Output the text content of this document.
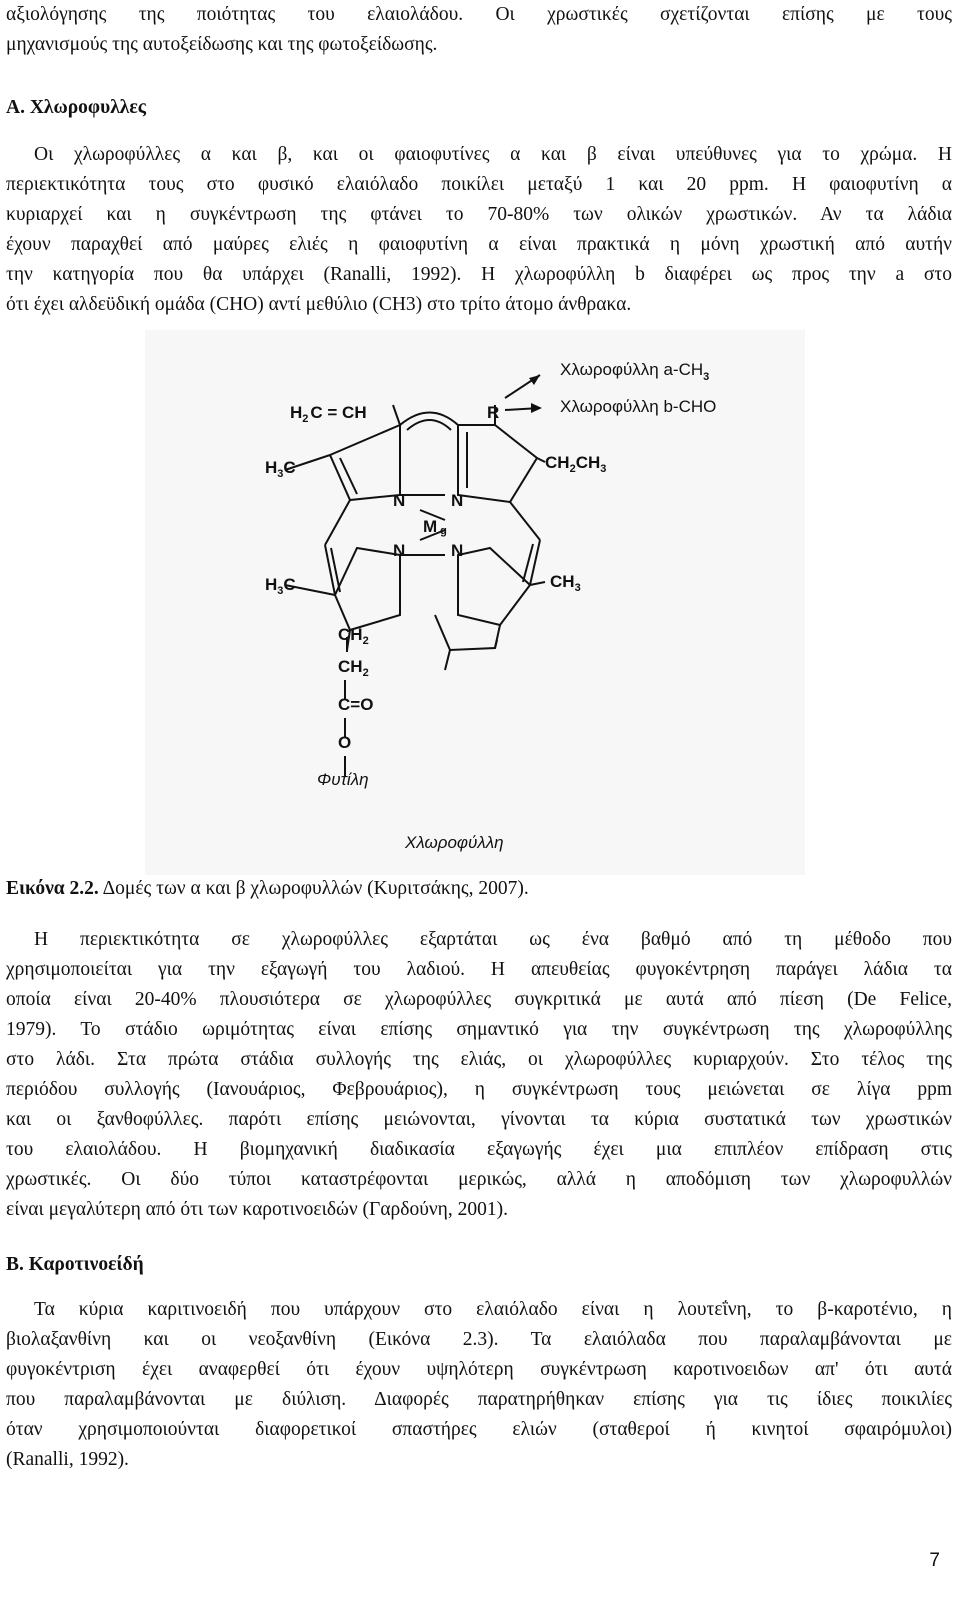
αξιολόγησης της ποιότητας του ελαιολάδου. Οι χρωστικές σχετίζονται επίσης με τους
μηχανισμούς της αυτοξείδωσης και της φωτοξείδωσης.

Α. Χλωροφυλλες

Οι χλωροφύλλες α και β, και οι φαιοφυτίνες α και β είναι υπεύθυνες για το χρώμα. Η
περιεκτικότητα τους στο φυσικό ελαιόλαδο ποικίλει μεταξύ 1 και 20 ppm. Η φαιοφυτίνη α
κυριαρχεί και η συγκέντρωση της φτάνει το 70-80% των ολικών χρωστικών. Αν τα λάδια
έχουν παραχθεί από μαύρες ελιές η φαιοφυτίνη α είναι πρακτικά η μόνη χρωστική από αυτήν
την κατηγορία που θα υπάρχει (Ranalli, 1992). Η χλωροφύλλη b διαφέρει ως προς την a στο
ότι έχει αλδεϋδική ομάδα (CHO) αντί μεθύλιο (CH3) στο τρίτο άτομο άνθρακα.
Χλωροφύλλη $a-CH_3$
Χλωροφύλλη b-CHO
R
$H_2$ C = CH
$H_3C$	$CH_2CH_3$
$H_3C$	$CH_3$
N	N
N	N
Mg
$CH_2$
$CH_2$
C=O
O
Φυτίλη
Χλωροφύλλη

Εικόνα 2.2. Δομές των α και β χλωροφυλλών (Κυριτσάκης, 2007).

Η περιεκτικότητα σε χλωροφύλλες εξαρτάται ως ένα βαθμό από τη μέθοδο που
χρησιμοποιείται για την εξαγωγή του λαδιού. Η απευθείας φυγοκέντρηση παράγει λάδια τα
οποία είναι 20-40% πλουσιότερα σε χλωροφύλλες συγκριτικά με αυτά από πίεση (De Felice,
1979). Το στάδιο ωριμότητας είναι επίσης σημαντικό για την συγκέντρωση της χλωροφύλλης
στο λάδι. Στα πρώτα στάδια συλλογής της ελιάς, οι χλωροφύλλες κυριαρχούν. Στο τέλος της
περιόδου συλλογής (Ιανουάριος, Φεβρουάριος), η συγκέντρωση τους μειώνεται σε λίγα ppm
και οι ξανθοφύλλες. παρότι επίσης μειώνονται, γίνονται τα κύρια συστατικά των χρωστικών
του ελαιολάδου. Η βιομηχανική διαδικασία εξαγωγής έχει μια επιπλέον επίδραση στις
χρωστικές. Οι δύο τύποι καταστρέφονται μερικώς, αλλά η αποδόμιση των χλωροφυλλών
είναι μεγαλύτερη από ότι των καροτινοειδών (Γαρδούνη, 2001).

Β. Καροτινοείδή

Τα κύρια καριτινοειδή που υπάρχουν στο ελαιόλαδο είναι η λουτεΐνη, το β-καροτένιο, η
βιολαξανθίνη και οι νεοξανθίνη (Εικόνα 2.3). Τα ελαιόλαδα που παραλαμβάνονται με
φυγοκέντριση έχει αναφερθεί ότι έχουν υψηλότερη συγκέντρωση καροτινοειδων απ' ότι αυτά
που παραλαμβάνονται με διύλιση. Διαφορές παρατηρήθηκαν επίσης για τις ίδιες ποικιλίες
όταν χρησιμοποιούνται διαφορετικοί σπαστήρες ελιών (σταθεροί ή κινητοί σφαιρόμυλοι)
(Ranalli, 1992).

7
